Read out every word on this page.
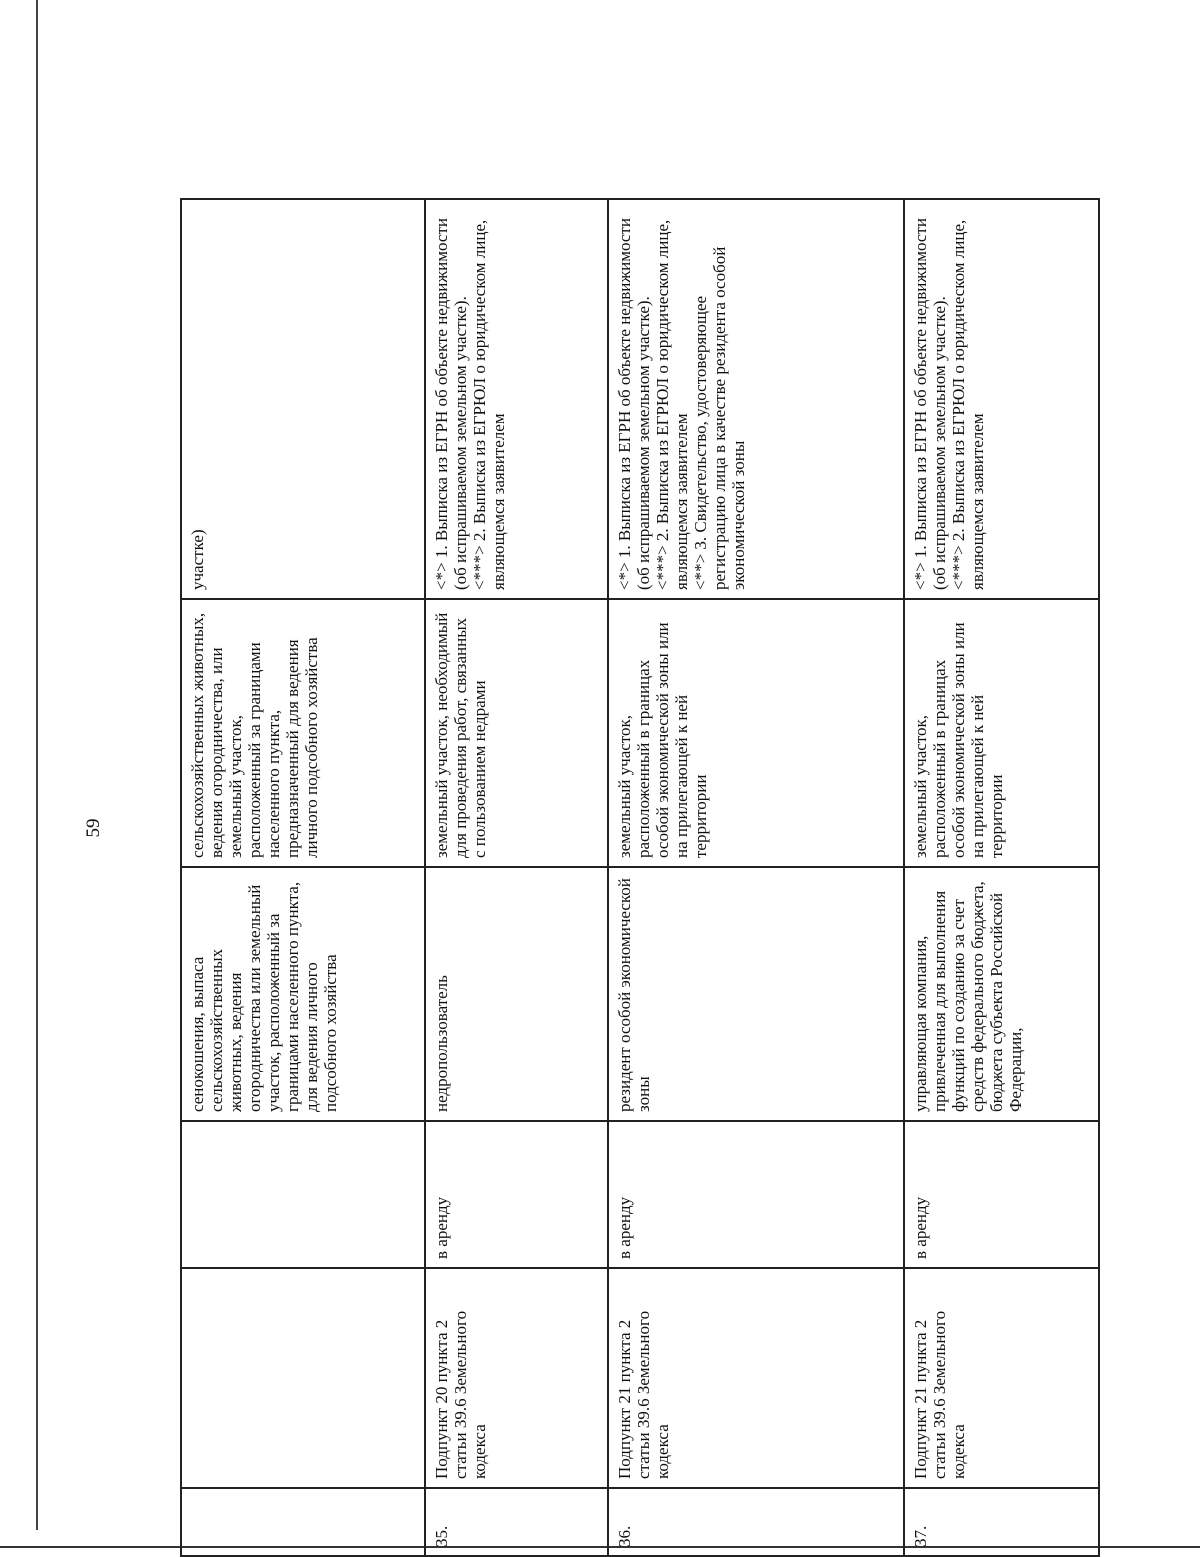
59
			сенокошения, выпаса сельскохозяйственных животных, ведения огородничества или земельный участок, расположенный за границами населенного пункта, для ведения личного подсобного хозяйства	сельскохозяйственных животных, ведения огородничества, или земельный участок, расположенный за границами населенного пункта, предназначенный для ведения личного подсобного хозяйства	участке)
35.	Подпункт 20 пункта 2 статьи 39.6 Земельного кодекса	в аренду	недропользователь	земельный участок, необходимый для проведения работ, связанных с пользованием недрами	<*> 1. Выписка из ЕГРН об объекте недвижимости (об испрашиваемом земельном участке).
<***> 2. Выписка из ЕГРЮЛ о юридическом лице, являющемся заявителем
36.	Подпункт 21 пункта 2 статьи 39.6 Земельного кодекса	в аренду	резидент особой экономической зоны	земельный участок, расположенный в границах особой экономической зоны или на прилегающей к ней территории	<*> 1. Выписка из ЕГРН об объекте недвижимости (об испрашиваемом земельном участке).
<***> 2. Выписка из ЕГРЮЛ о юридическом лице, являющемся заявителем
<**> 3. Свидетельство, удостоверяющее регистрацию лица в качестве резидента особой экономической зоны
37.	Подпункт 21 пункта 2 статьи 39.6 Земельного кодекса	в аренду	управляющая компания, привлеченная для выполнения функций по созданию за счет средств федерального бюджета, бюджета субъекта Российской Федерации,	земельный участок, расположенный в границах особой экономической зоны или на прилегающей к ней территории	<*> 1. Выписка из ЕГРН об объекте недвижимости (об испрашиваемом земельном участке).
<***> 2. Выписка из ЕГРЮЛ о юридическом лице, являющемся заявителем
